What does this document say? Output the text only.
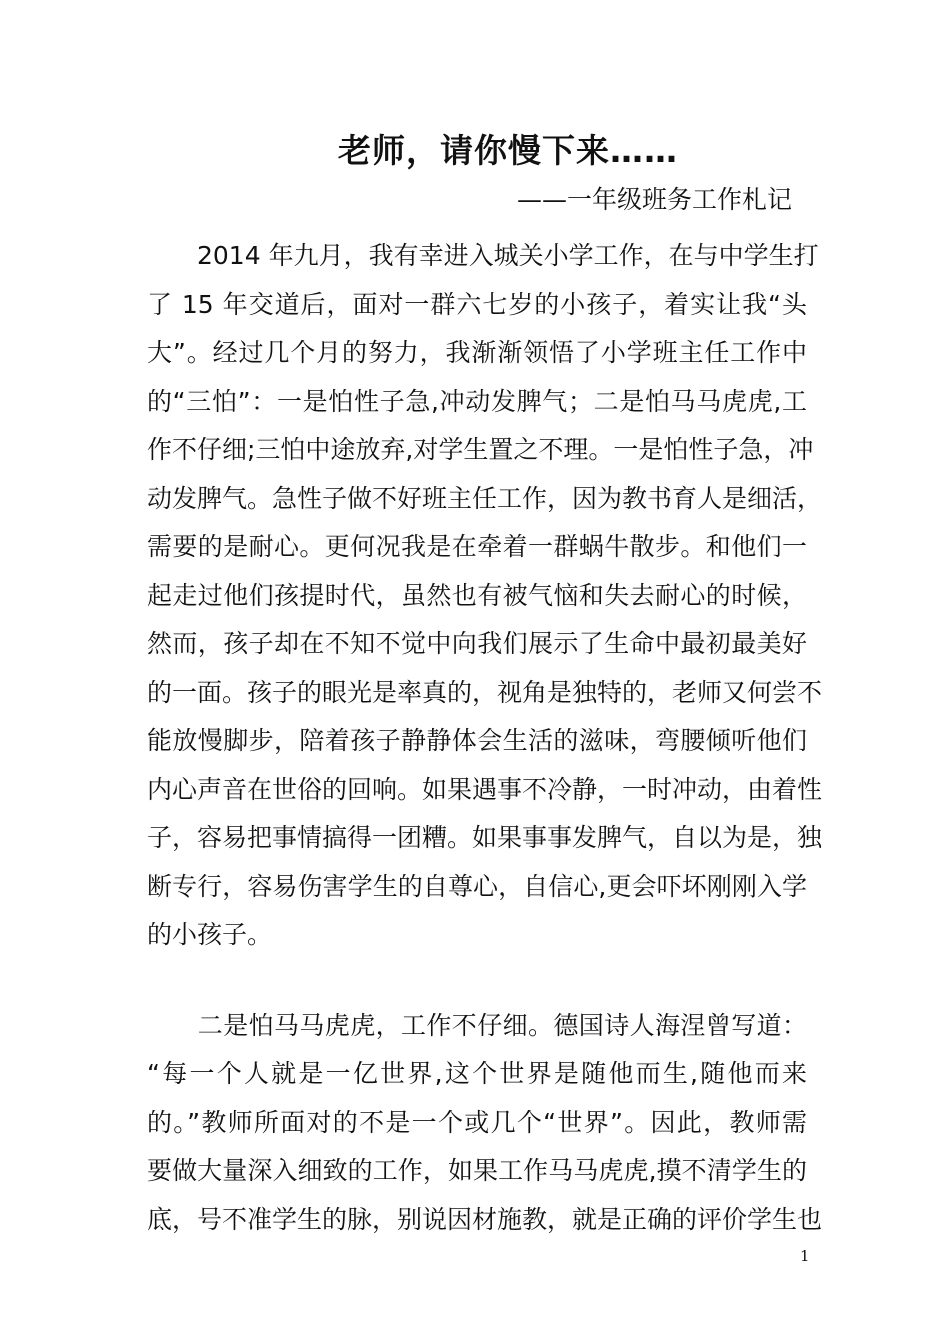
老师，请你慢下来……
——一年级班务工作札记
　　2014 年九月，我有幸进入城关小学工作，在与中学生打
了 15 年交道后，面对一群六七岁的小孩子，着实让我“头
大”。经过几个月的努力，我渐渐领悟了小学班主任工作中
的“三怕”：一是怕性子急,冲动发脾气；二是怕马马虎虎,工
作不仔细;三怕中途放弃,对学生置之不理。一是怕性子急，冲
动发脾气。急性子做不好班主任工作，因为教书育人是细活，
需要的是耐心。更何况我是在牵着一群蜗牛散步。和他们一
起走过他们孩提时代，虽然也有被气恼和失去耐心的时候，
然而，孩子却在不知不觉中向我们展示了生命中最初最美好
的一面。孩子的眼光是率真的，视角是独特的，老师又何尝不
能放慢脚步，陪着孩子静静体会生活的滋味，弯腰倾听他们
内心声音在世俗的回响。如果遇事不冷静，一时冲动，由着性
子，容易把事情搞得一团糟。如果事事发脾气，自以为是，独
断专行，容易伤害学生的自尊心，自信心,更会吓坏刚刚入学
的小孩子。
　　二是怕马马虎虎，工作不仔细。德国诗人海涅曾写道：
“每一个人就是一亿世界,这个世界是随他而生,随他而来
的。”教师所面对的不是一个或几个“世界”。因此，教师需
要做大量深入细致的工作，如果工作马马虎虎,摸不清学生的
底，号不准学生的脉，别说因材施教，就是正确的评价学生也
1
